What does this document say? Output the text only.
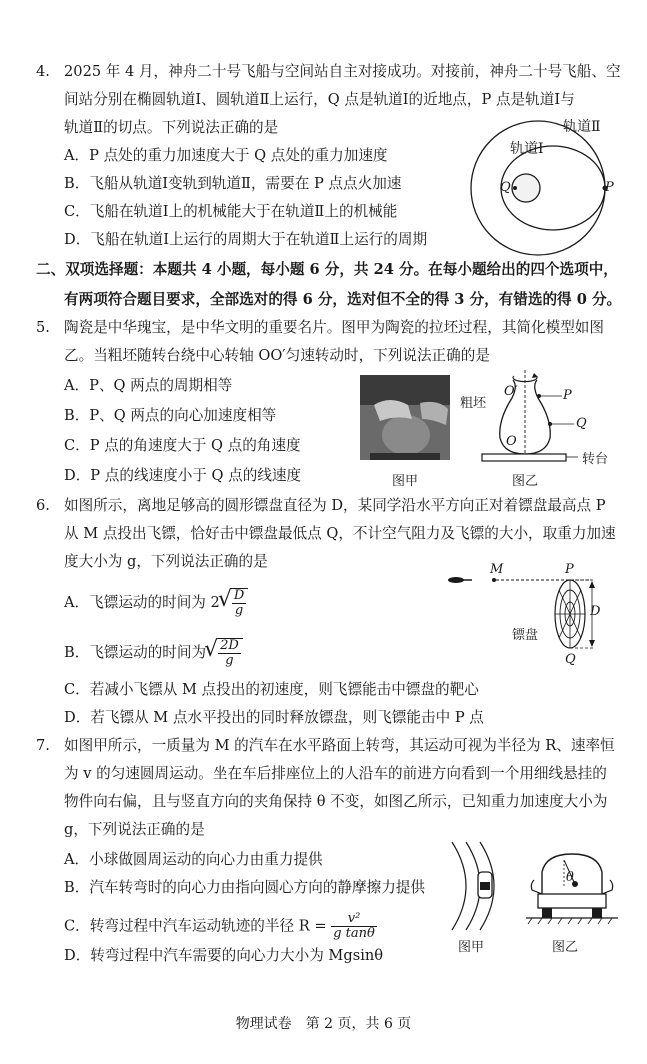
4. 2025 年 4 月，神舟二十号飞船与空间站自主对接成功。对接前，神舟二十号飞船、空
间站分别在椭圆轨道Ⅰ、圆轨道Ⅱ上运行，Q 点是轨道Ⅰ的近地点，P 点是轨道Ⅰ与
轨道Ⅱ的切点。下列说法正确的是
A．P 点处的重力加速度大于 Q 点处的重力加速度
B．飞船从轨道Ⅰ变轨到轨道Ⅱ，需要在 P 点点火加速
C．飞船在轨道Ⅰ上的机械能大于在轨道Ⅱ上的机械能
D．飞船在轨道Ⅰ上运行的周期大于在轨道Ⅱ上运行的周期
轨道Ⅱ
轨道Ⅰ
Q	P
二、双项选择题：本题共 4 小题，每小题 6 分，共 24 分。在每小题给出的四个选项中，
有两项符合题目要求，全部选对的得 6 分，选对但不全的得 3 分，有错选的得 0 分。
5. 陶瓷是中华瑰宝，是中华文明的重要名片。图甲为陶瓷的拉坯过程，其简化模型如图
乙。当粗坯随转台绕中心转轴 OO′匀速转动时，下列说法正确的是
A．P、Q 两点的周期相等
B．P、Q 两点的向心加速度相等
C．P 点的角速度大于 Q 点的角速度
D．P 点的线速度小于 Q 点的线速度	图甲
粗坯
O′
O
P
Q
转台
图乙
6. 如图所示，离地足够高的圆形镖盘直径为 D，某同学沿水平方向正对着镖盘最高点 P
从 M 点投出飞镖，恰好击中镖盘最低点 Q，不计空气阻力及飞镖的大小，取重力加速
度大小为 g，下列说法正确的是
A．飞镖运动的时间为 2 √ $\frac{D}{g}$
B．飞镖运动的时间为 √ $\frac{2D}{g}$
C．若减小飞镖从 M 点投出的初速度，则飞镖能击中镖盘的靶心
D．若飞镖从 M 点水平投出的同时释放镖盘，则飞镖能击中 P 点
M	P
D
镖盘
Q
7. 如图甲所示，一质量为 M 的汽车在水平路面上转弯，其运动可视为半径为 R、速率恒
为 v 的匀速圆周运动。坐在车后排座位上的人沿车的前进方向看到一个用细线悬挂的
物件向右偏，且与竖直方向的夹角保持 θ 不变，如图乙所示，已知重力加速度大小为
g，下列说法正确的是
A．小球做圆周运动的向心力由重力提供
B．汽车转弯时的向心力由指向圆心方向的静摩擦力提供
C．转弯过程中汽车运动轨迹的半径 $R = \frac{\text{v²}}{\text{g tanθ}}$
D．转弯过程中汽车需要的向心力大小为 Mgsinθ	图甲
θ
图乙
物理试卷　第 2 页，共 6 页
